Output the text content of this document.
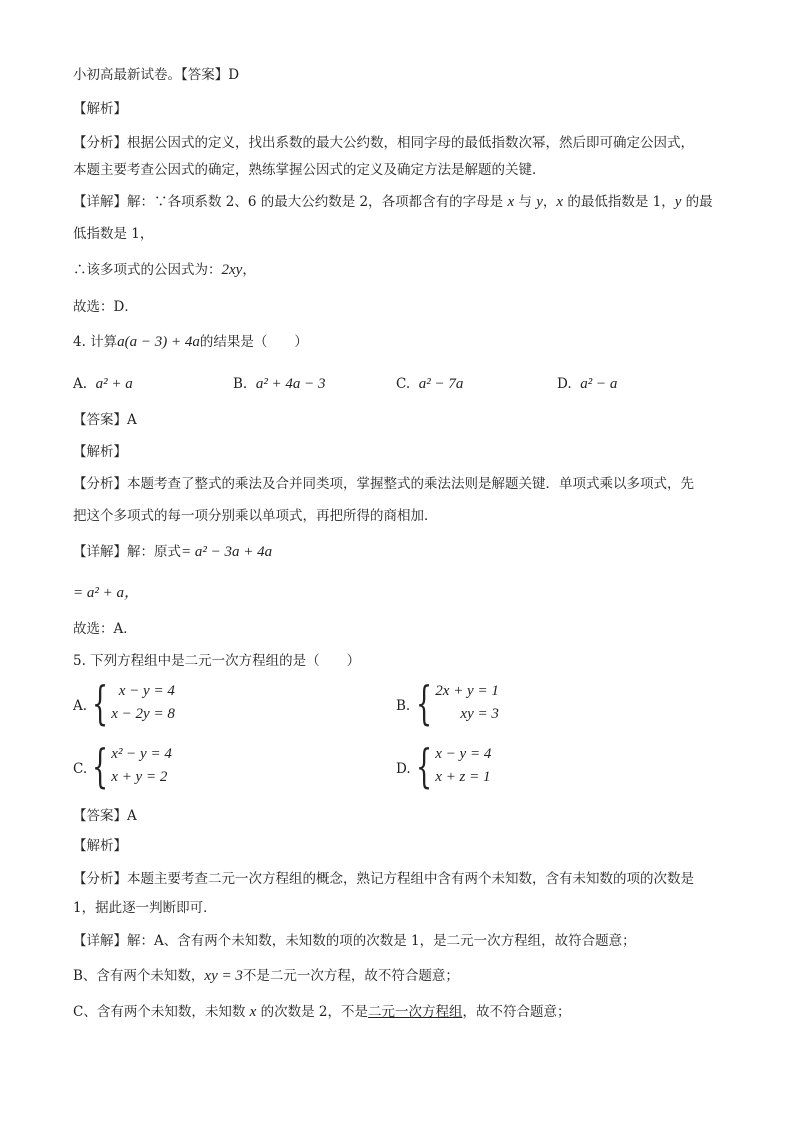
小初高最新试卷。【答案】D
【解析】
【分析】根据公因式的定义，找出系数的最大公约数，相同字母的最低指数次幂，然后即可确定公因式，
本题主要考查公因式的确定，熟练掌握公因式的定义及确定方法是解题的关键．
【详解】解：∵各项系数 2、6 的最大公约数是 2，各项都含有的字母是 x 与 y，x 的最低指数是 1，y 的最
低指数是 1，
∴该多项式的公因式为：2xy，
故选：D．
4. 计算a(a − 3) + 4a的结果是（　　）
A. a² + a	B. a² + 4a − 3	C. a² − 7a	D. a² − a
【答案】A
【解析】
【分析】本题考查了整式的乘法及合并同类项，掌握整式的乘法法则是解题关键．单项式乘以多项式，先
把这个多项式的每一项分别乘以单项式，再把所得的商相加．
【详解】解：原式= a² − 3a + 4a
= a² + a，
故选：A．
5. 下列方程组中是二元一次方程组的是（　　）
A. { x − y = 4
x − 2y = 8	B. { 2x + y = 1
xy = 3
C. { x² − y = 4
x + y = 2	D. { x − y = 4
x + z = 1
【答案】A
【解析】
【分析】本题主要考查二元一次方程组的概念，熟记方程组中含有两个未知数，含有未知数的项的次数是
1，据此逐一判断即可．
【详解】解：A、含有两个未知数，未知数的项的次数是 1，是二元一次方程组，故符合题意；
B、含有两个未知数，xy = 3不是二元一次方程，故不符合题意；
C、含有两个未知数，未知数 x 的次数是 2，不是二元一次方程组，故不符合题意；
